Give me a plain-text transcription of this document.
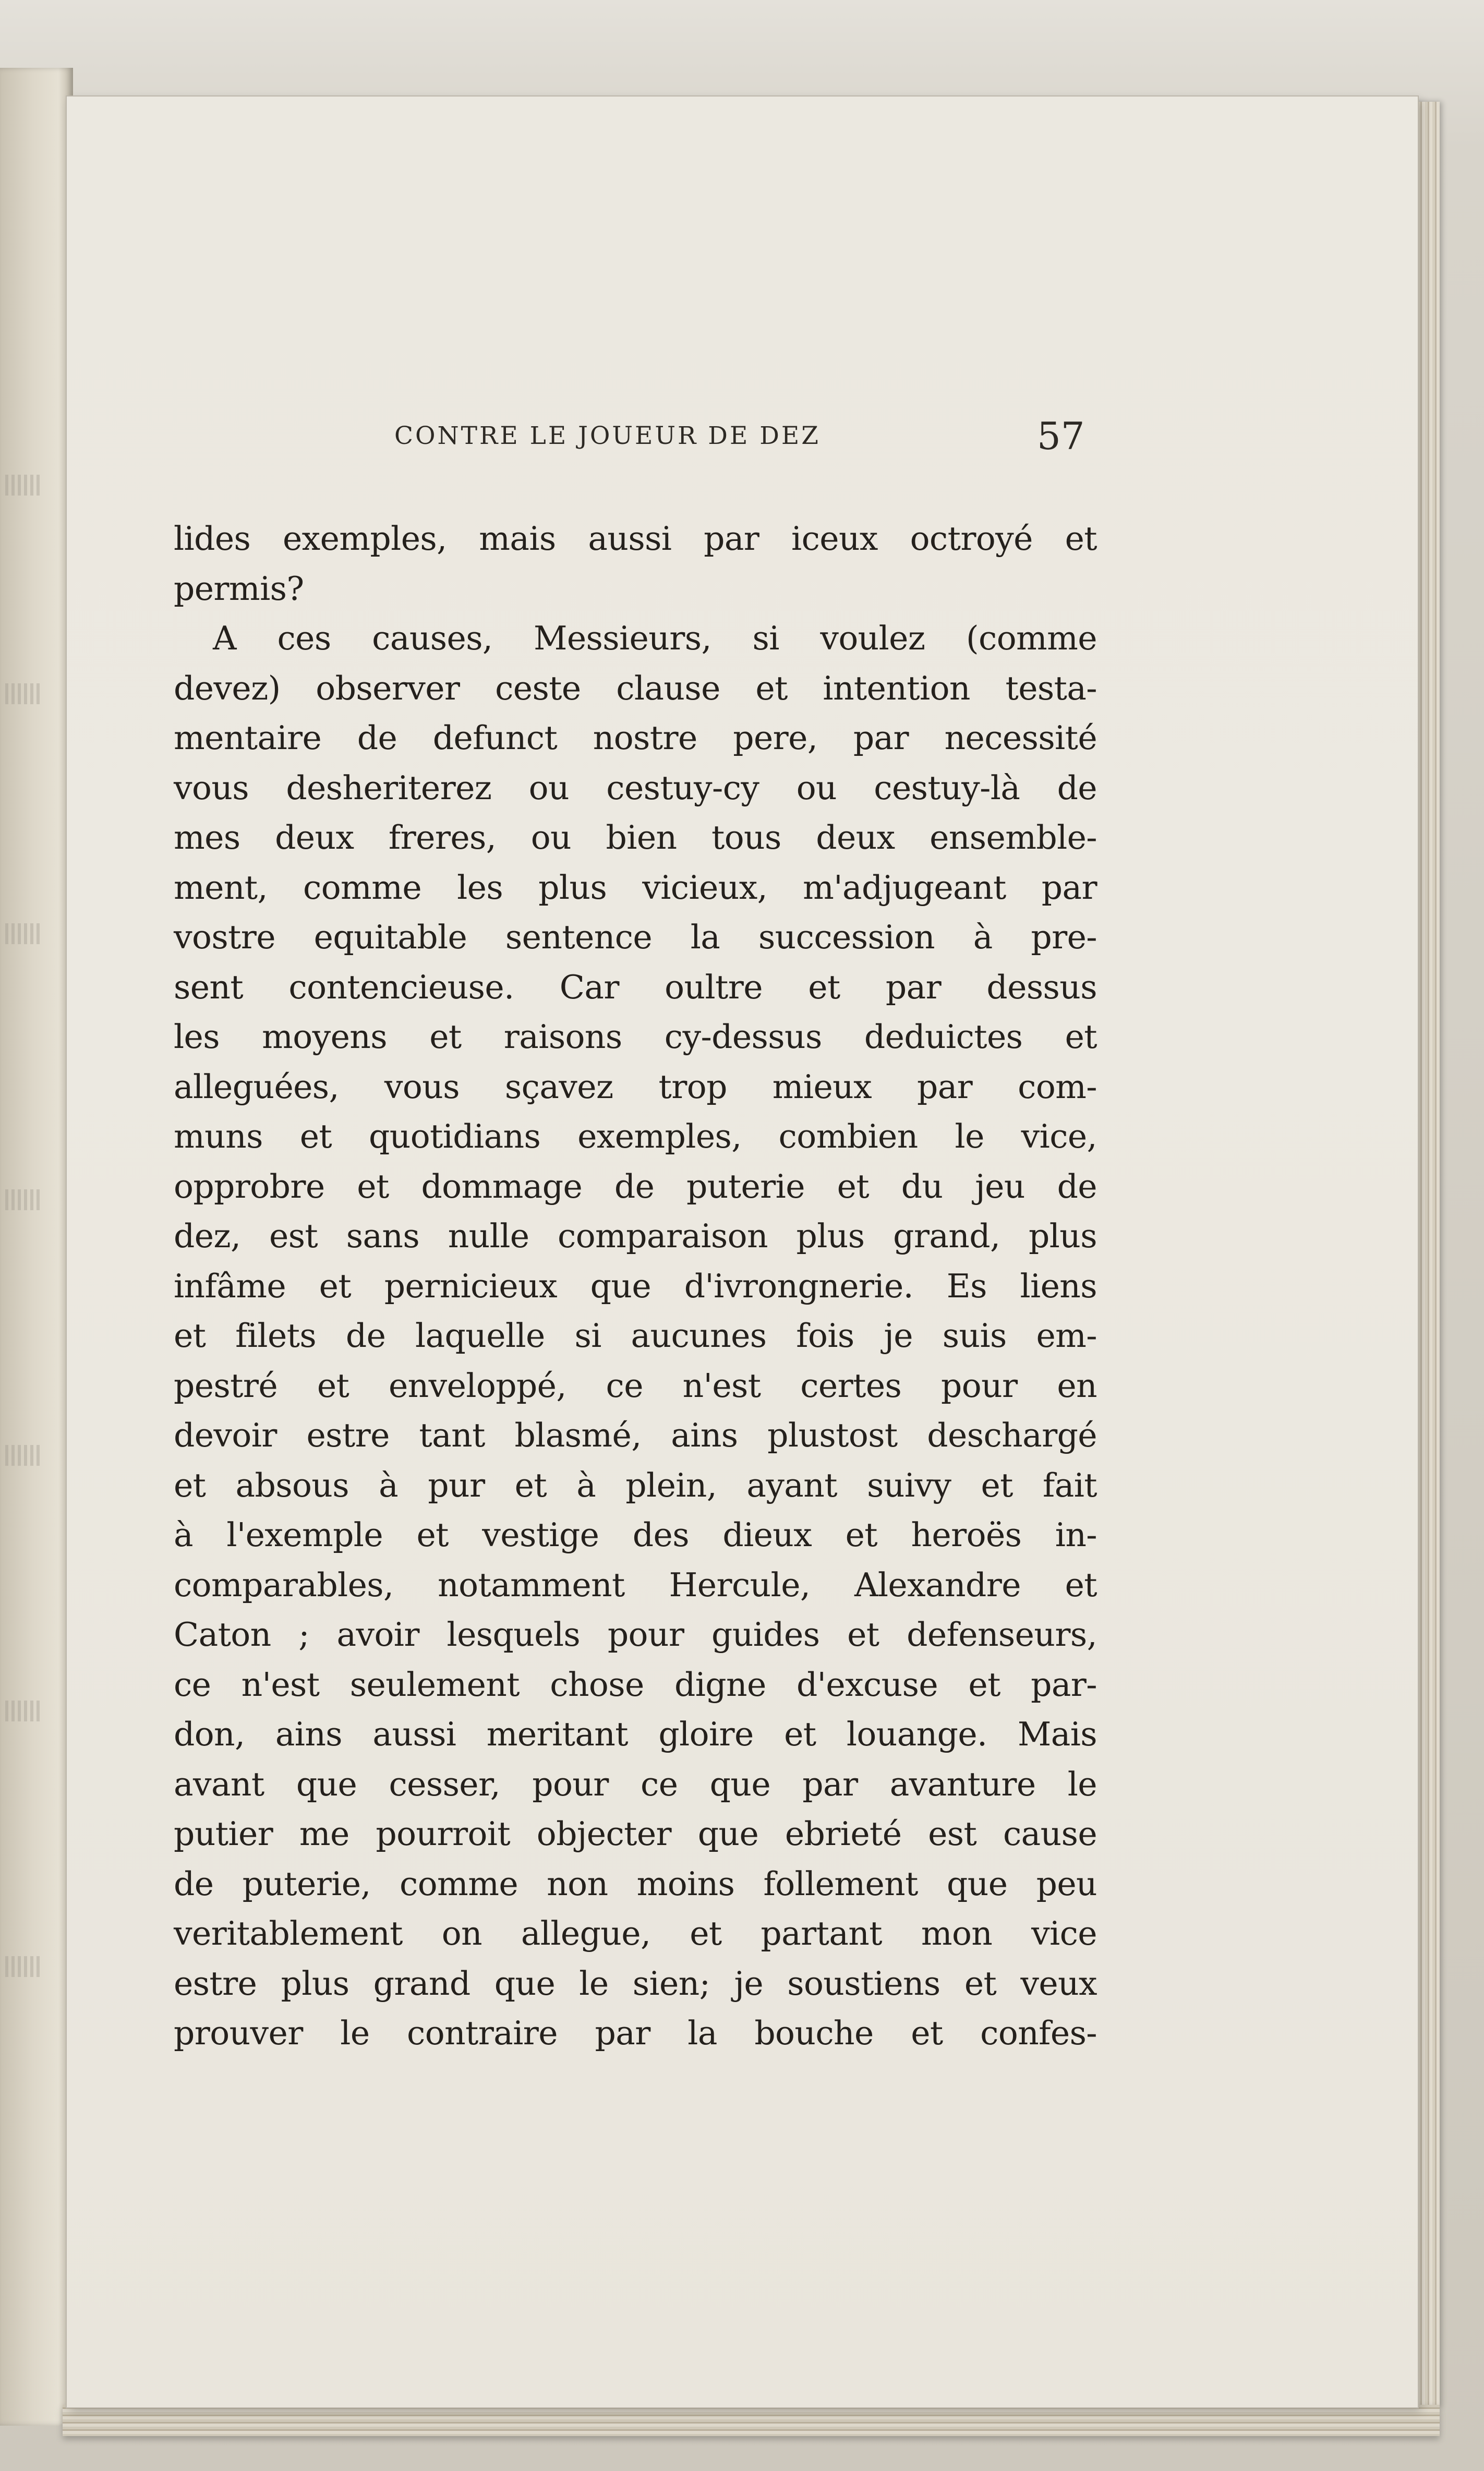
CONTRE LE JOUEUR DE DEZ	57
lides exemples, mais aussi par iceux octroyé et
permis?
A ces causes, Messieurs, si voulez (comme
devez) observer ceste clause et intention testa-
mentaire de defunct nostre pere, par necessité
vous desheriterez ou cestuy-cy ou cestuy-là de
mes deux freres, ou bien tous deux ensemble-
ment, comme les plus vicieux, m'adjugeant par
vostre equitable sentence la succession à pre-
sent contencieuse. Car oultre et par dessus
les moyens et raisons cy-dessus deduictes et
alleguées, vous sçavez trop mieux par com-
muns et quotidians exemples, combien le vice,
opprobre et dommage de puterie et du jeu de
dez, est sans nulle comparaison plus grand, plus
infâme et pernicieux que d'ivrongnerie. Es liens
et filets de laquelle si aucunes fois je suis em-
pestré et enveloppé, ce n'est certes pour en
devoir estre tant blasmé, ains plustost deschargé
et absous à pur et à plein, ayant suivy et fait
à l'exemple et vestige des dieux et heroës in-
comparables, notamment Hercule, Alexandre et
Caton ; avoir lesquels pour guides et defenseurs,
ce n'est seulement chose digne d'excuse et par-
don, ains aussi meritant gloire et louange. Mais
avant que cesser, pour ce que par avanture le
putier me pourroit objecter que ebrieté est cause
de puterie, comme non moins follement que peu
veritablement on allegue, et partant mon vice
estre plus grand que le sien; je soustiens et veux
prouver le contraire par la bouche et confes-
